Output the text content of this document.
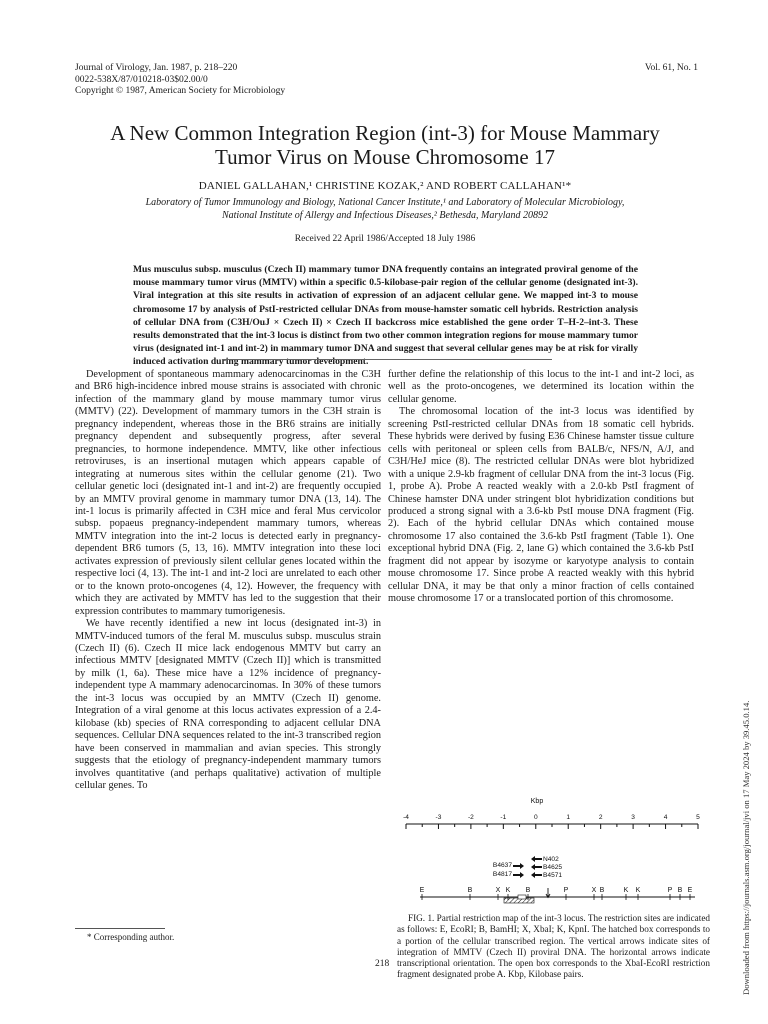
Journal of Virology, Jan. 1987, p. 218–220
0022-538X/87/010218-03$02.00/0
Copyright © 1987, American Society for Microbiology
Vol. 61, No. 1
A New Common Integration Region (int-3) for Mouse Mammary
Tumor Virus on Mouse Chromosome 17
DANIEL GALLAHAN,¹ CHRISTINE KOZAK,² AND ROBERT CALLAHAN¹*
Laboratory of Tumor Immunology and Biology, National Cancer Institute,¹ and Laboratory of Molecular Microbiology,
National Institute of Allergy and Infectious Diseases,² Bethesda, Maryland 20892
Received 22 April 1986/Accepted 18 July 1986
Mus musculus subsp. musculus (Czech II) mammary tumor DNA frequently contains an integrated proviral genome of the mouse mammary tumor virus (MMTV) within a specific 0.5-kilobase-pair region of the cellular genome (designated int-3). Viral integration at this site results in activation of expression of an adjacent cellular gene. We mapped int-3 to mouse chromosome 17 by analysis of PstI-restricted cellular DNAs from mouse-hamster somatic cell hybrids. Restriction analysis of cellular DNA from (C3H/OuJ × Czech II) × Czech II backcross mice established the gene order T–H-2–int-3. These results demonstrated that the int-3 locus is distinct from two other common integration regions for mouse mammary tumor virus (designated int-1 and int-2) in mammary tumor DNA and suggest that several cellular genes may be at risk for virally induced activation during mammary tumor development.

Development of spontaneous mammary adenocarcinomas in the C3H and BR6 high-incidence inbred mouse strains is associated with chronic infection of the mammary gland by mouse mammary tumor virus (MMTV) (22). Development of mammary tumors in the C3H strain is pregnancy independent, whereas those in the BR6 strains are initially pregnancy dependent and subsequently progress, after several pregnancies, to hormone independence. MMTV, like other infectious retroviruses, is an insertional mutagen which appears capable of integrating at numerous sites within the cellular genome (21). Two cellular genetic loci (designated int-1 and int-2) are frequently occupied by an MMTV proviral genome in mammary tumor DNA (13, 14). The int-1 locus is primarily affected in C3H mice and feral Mus cervicolor subsp. popaeus pregnancy-independent mammary tumors, whereas MMTV integration into the int-2 locus is detected early in pregnancy-dependent BR6 tumors (5, 13, 16). MMTV integration into these loci activates expression of previously silent cellular genes located within the respective loci (4, 13). The int-1 and int-2 loci are unrelated to each other or to the known proto-oncogenes (4, 12). However, the frequency with which they are activated by MMTV has led to the suggestion that their expression contributes to mammary tumorigenesis.

We have recently identified a new int locus (designated int-3) in MMTV-induced tumors of the feral M. musculus subsp. musculus strain (Czech II) (6). Czech II mice lack endogenous MMTV but carry an infectious MMTV [designated MMTV (Czech II)] which is transmitted by milk (1, 6a). These mice have a 12% incidence of pregnancy-independent type A mammary adenocarcinomas. In 30% of these tumors the int-3 locus was occupied by an MMTV (Czech II) genome. Integration of a viral genome at this locus activates expression of a 2.4-kilobase (kb) species of RNA corresponding to adjacent cellular DNA sequences. Cellular DNA sequences related to the int-3 transcribed region have been conserved in mammalian and avian species. This strongly suggests that the etiology of pregnancy-independent mammary tumors involves quantitative (and perhaps qualitative) activation of multiple cellular genes. To

further define the relationship of this locus to the int-1 and int-2 loci, as well as the proto-oncogenes, we determined its location within the cellular genome.

The chromosomal location of the int-3 locus was identified by screening PstI-restricted cellular DNAs from 18 somatic cell hybrids. These hybrids were derived by fusing E36 Chinese hamster tissue culture cells with peritoneal or spleen cells from BALB/c, NFS/N, A/J, and C3H/HeJ mice (8). The restricted cellular DNAs were blot hybridized with a unique 2.9-kb fragment of cellular DNA from the int-3 locus (Fig. 1, probe A). Probe A reacted weakly with a 2.0-kb PstI fragment of Chinese hamster DNA under stringent blot hybridization conditions but produced a strong signal with a 3.6-kb PstI mouse DNA fragment (Fig. 2). Each of the hybrid cellular DNAs which contained mouse chromosome 17 also contained the 3.6-kb PstI fragment (Table 1). One exceptional hybrid DNA (Fig. 2, lane G) which contained the 3.6-kb PstI fragment did not appear by isozyme or karyotype analysis to contain mouse chromosome 17. Since probe A reacted weakly with this hybrid cellular DNA, it may be that only a minor fraction of cells contained mouse chromosome 17 or a translocated portion of this chromosome.

Kbp
-4	-3	-2	-1	0	1	2	3	4	5
B4637
B4817
N402
B4625
B4571
E	B	X K B	P	X B	K K	P B E
FIG. 1. Partial restriction map of the int-3 locus. The restriction sites are indicated as follows: E, EcoRI; B, BamHI; X, XbaI; K, KpnI. The hatched box corresponds to a portion of the cellular transcribed region. The vertical arrows indicate sites of integration of MMTV (Czech II) proviral DNA. The horizontal arrows indicate transcriptional orientation. The open box corresponds to the XbaI-EcoRI restriction fragment designated probe A. Kbp, Kilobase pairs.
* Corresponding author.
218	Downloaded from https://journals.asm.org/journal/jvi on 17 May 2024 by 39.45.0.14.
